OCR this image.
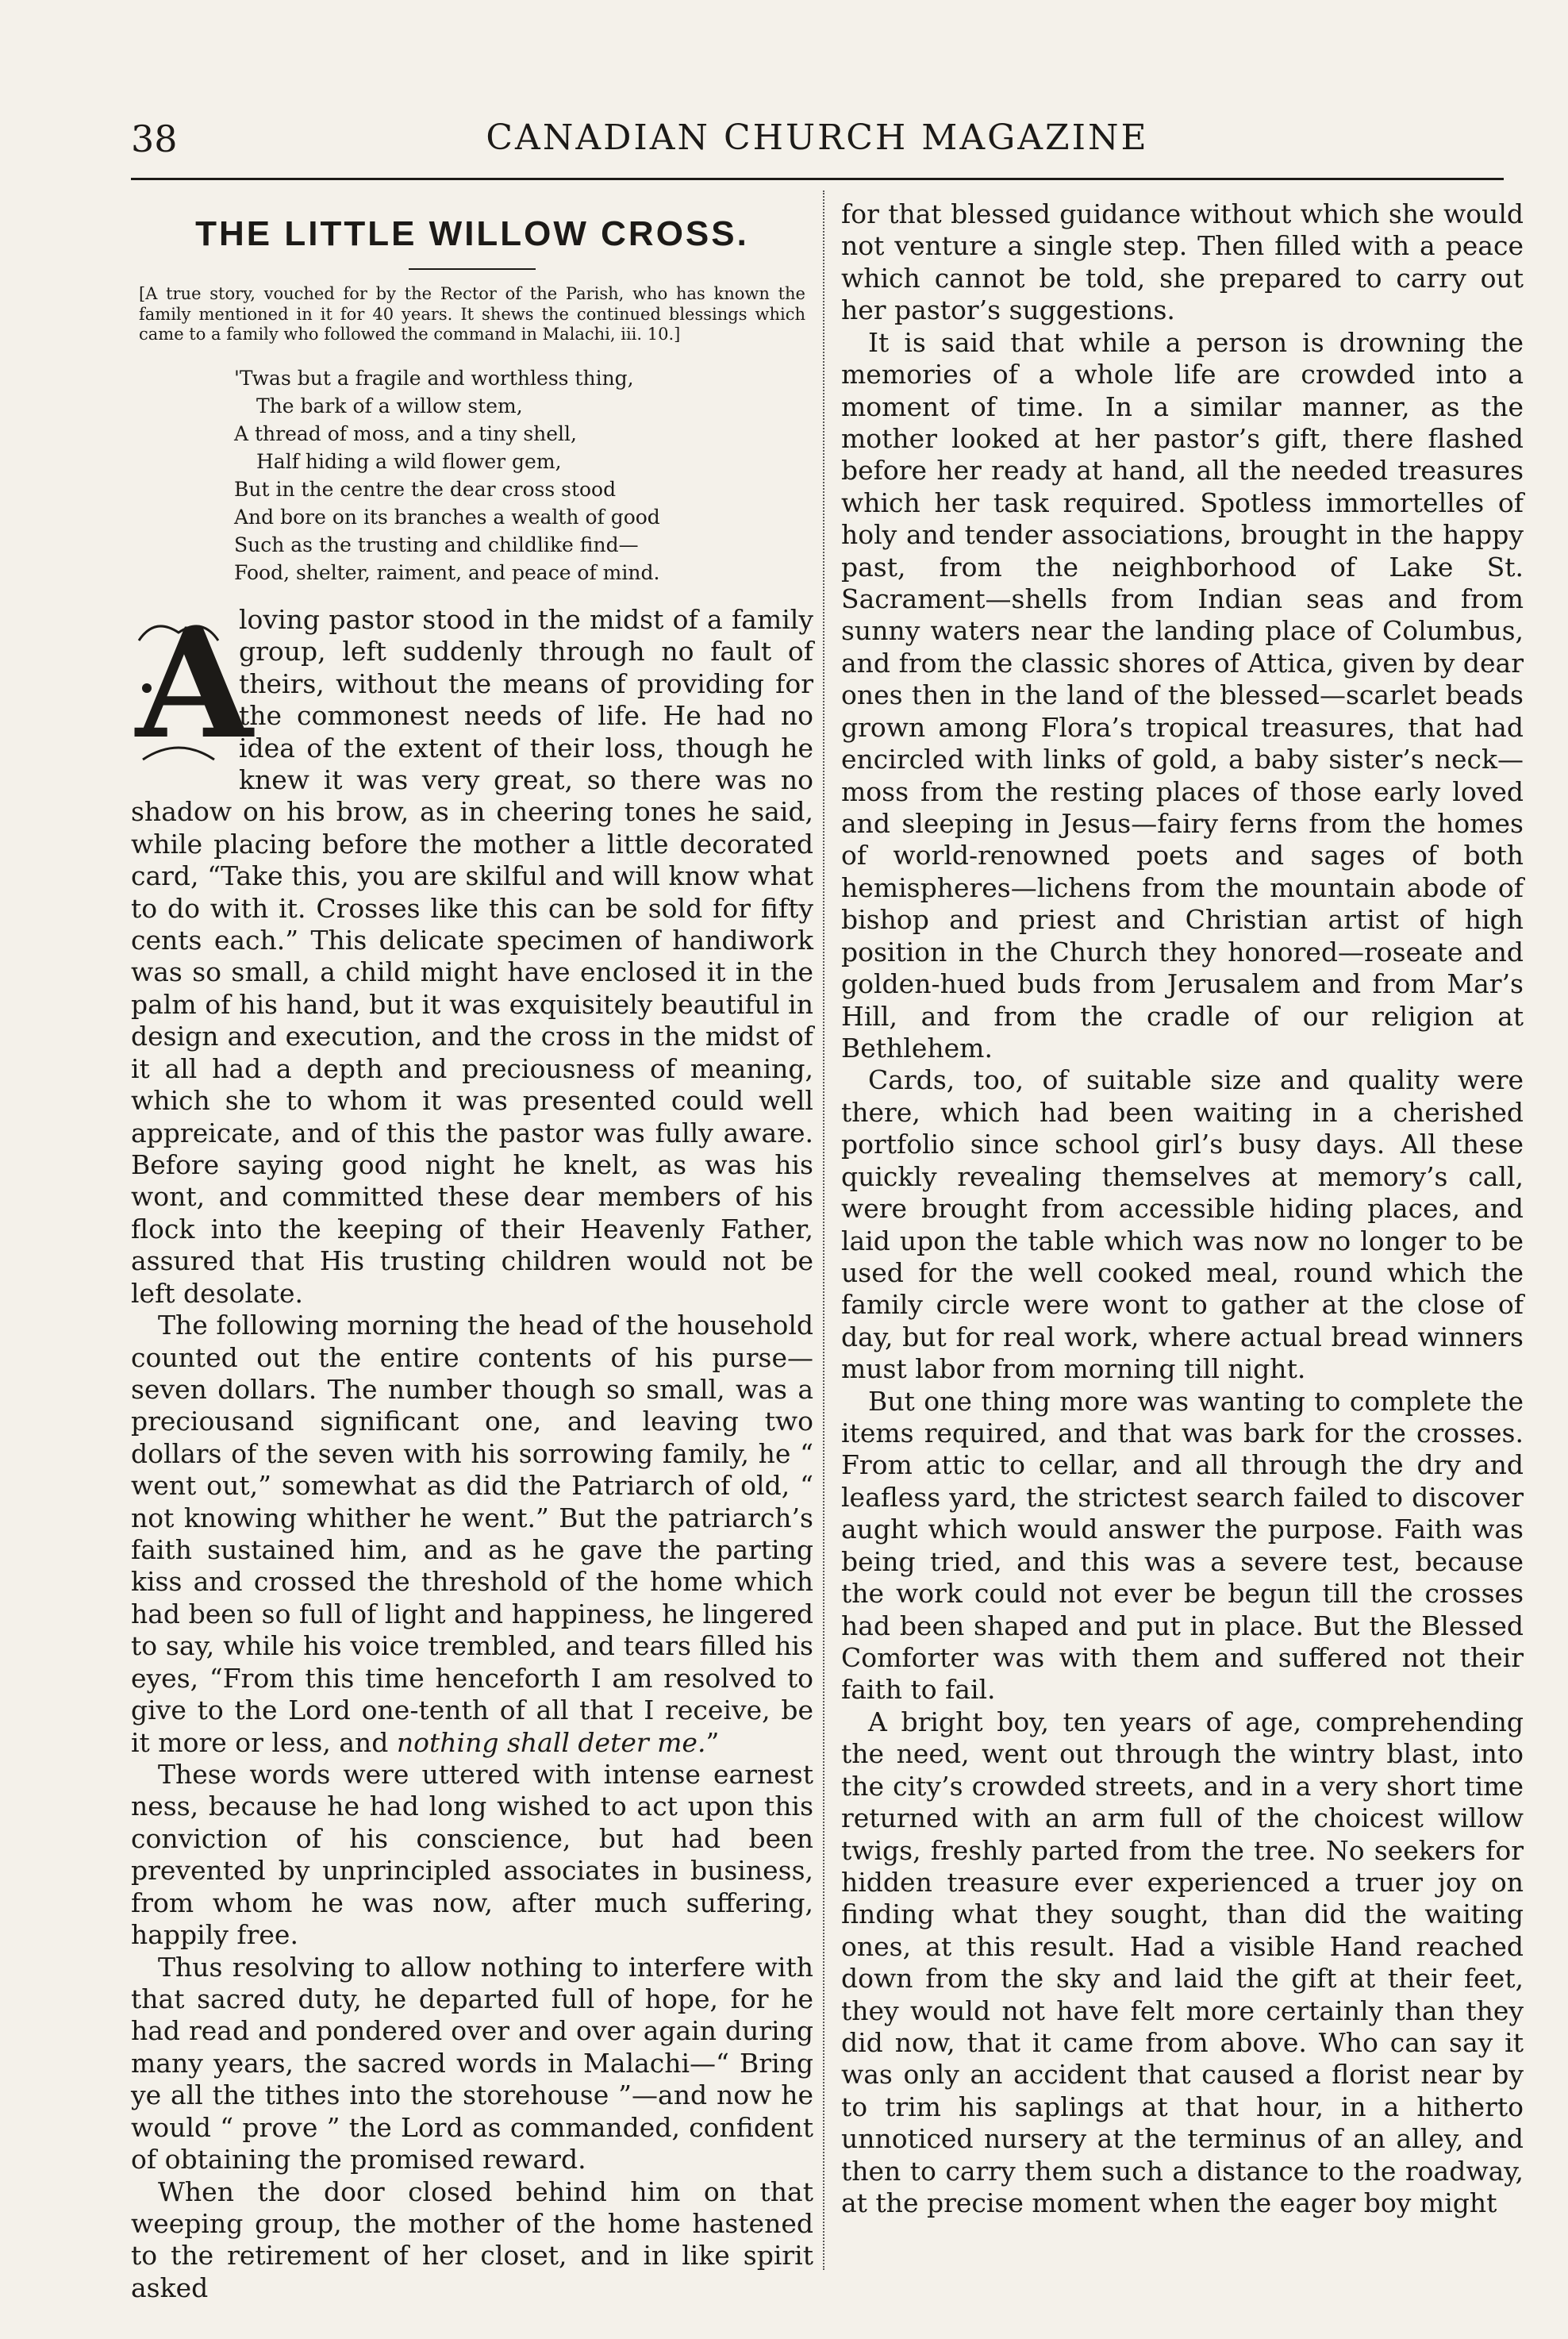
38	CANADIAN CHURCH MAGAZINE
THE LITTLE WILLOW CROSS.

[A true story, vouched for by the Rector of the Parish, who has known the family mentioned in it for 40 years. It shews the continued blessings which came to a family who followed the command in Malachi, iii. 10.]

'Twas but a fragile and worthless thing,
The bark of a willow stem,
A thread of moss, and a tiny shell,
Half hiding a wild flower gem,
But in the centre the dear cross stood
And bore on its branches a wealth of good
Such as the trusting and childlike find—
Food, shelter, raiment, and peace of mind.

A
loving pastor stood in the midst of a family group, left suddenly through no fault of theirs, without the means of providing for the commonest needs of life. He had no idea of the extent of their loss, though he knew it was very great, so there was no shadow on his brow, as in cheering tones he said, while placing before the mother a little decorated card, “Take this, you are skilful and will know what to do with it. Crosses like this can be sold for fifty cents each.” This delicate specimen of handiwork was so small, a child might have enclosed it in the palm of his hand, but it was exquisitely beautiful in design and execution, and the cross in the midst of it all had a depth and preciousness of meaning, which she to whom it was presented could well appreicate, and of this the pastor was fully aware. Before saying good night he knelt, as was his wont, and committed these dear members of his flock into the keeping of their Heavenly Father, assured that His trusting children would not be left desolate.

The following morning the head of the household counted out the entire contents of his purse—seven dollars. The number though so small, was a preciousand significant one, and leaving two dollars of the seven with his sorrowing family, he “ went out,” somewhat as did the Patriarch of old, “ not knowing whither he went.” But the patriarch’s faith sustained him, and as he gave the parting kiss and crossed the threshold of the home which had been so full of light and happiness, he lingered to say, while his voice trembled, and tears filled his eyes, “From this time henceforth I am resolved to give to the Lord one-tenth of all that I receive, be it more or less, and nothing shall deter me.”

These words were uttered with intense earnest ness, because he had long wished to act upon this conviction of his conscience, but had been prevented by unprincipled associates in business, from whom he was now, after much suffering, happily free.

Thus resolving to allow nothing to interfere with that sacred duty, he departed full of hope, for he had read and pondered over and over again during many years, the sacred words in Malachi—“ Bring ye all the tithes into the storehouse ”—and now he would “ prove ” the Lord as commanded, confident of obtaining the promised reward.

When the door closed behind him on that weeping group, the mother of the home hastened to the retirement of her closet, and in like spirit asked

for that blessed guidance without which she would not venture a single step. Then filled with a peace which cannot be told, she prepared to carry out her pastor’s suggestions.

It is said that while a person is drowning the memories of a whole life are crowded into a moment of time. In a similar manner, as the mother looked at her pastor’s gift, there flashed before her ready at hand, all the needed treasures which her task required. Spotless immortelles of holy and tender associations, brought in the happy past, from the neighborhood of Lake St. Sacrament—shells from Indian seas and from sunny waters near the landing place of Columbus, and from the classic shores of Attica, given by dear ones then in the land of the blessed—scarlet beads grown among Flora’s tropical treasures, that had encircled with links of gold, a baby sister’s neck—moss from the resting places of those early loved and sleeping in Jesus—fairy ferns from the homes of world-renowned poets and sages of both hemispheres—lichens from the mountain abode of bishop and priest and Christian artist of high position in the Church they honored—roseate and golden-hued buds from Jerusalem and from Mar’s Hill, and from the cradle of our religion at Bethlehem.

Cards, too, of suitable size and quality were there, which had been waiting in a cherished portfolio since school girl’s busy days. All these quickly revealing themselves at memory’s call, were brought from accessible hiding places, and laid upon the table which was now no longer to be used for the well cooked meal, round which the family circle were wont to gather at the close of day, but for real work, where actual bread winners must labor from morning till night.

But one thing more was wanting to complete the items required, and that was bark for the crosses. From attic to cellar, and all through the dry and leafless yard, the strictest search failed to discover aught which would answer the purpose. Faith was being tried, and this was a severe test, because the work could not ever be begun till the crosses had been shaped and put in place. But the Blessed Comforter was with them and suffered not their faith to fail.

A bright boy, ten years of age, comprehending the need, went out through the wintry blast, into the city’s crowded streets, and in a very short time returned with an arm full of the choicest willow twigs, freshly parted from the tree. No seekers for hidden treasure ever experienced a truer joy on finding what they sought, than did the waiting ones, at this result. Had a visible Hand reached down from the sky and laid the gift at their feet, they would not have felt more certainly than they did now, that it came from above. Who can say it was only an accident that caused a florist near by to trim his saplings at that hour, in a hitherto unnoticed nursery at the terminus of an alley, and then to carry them such a distance to the roadway, at the precise moment when the eager boy might
